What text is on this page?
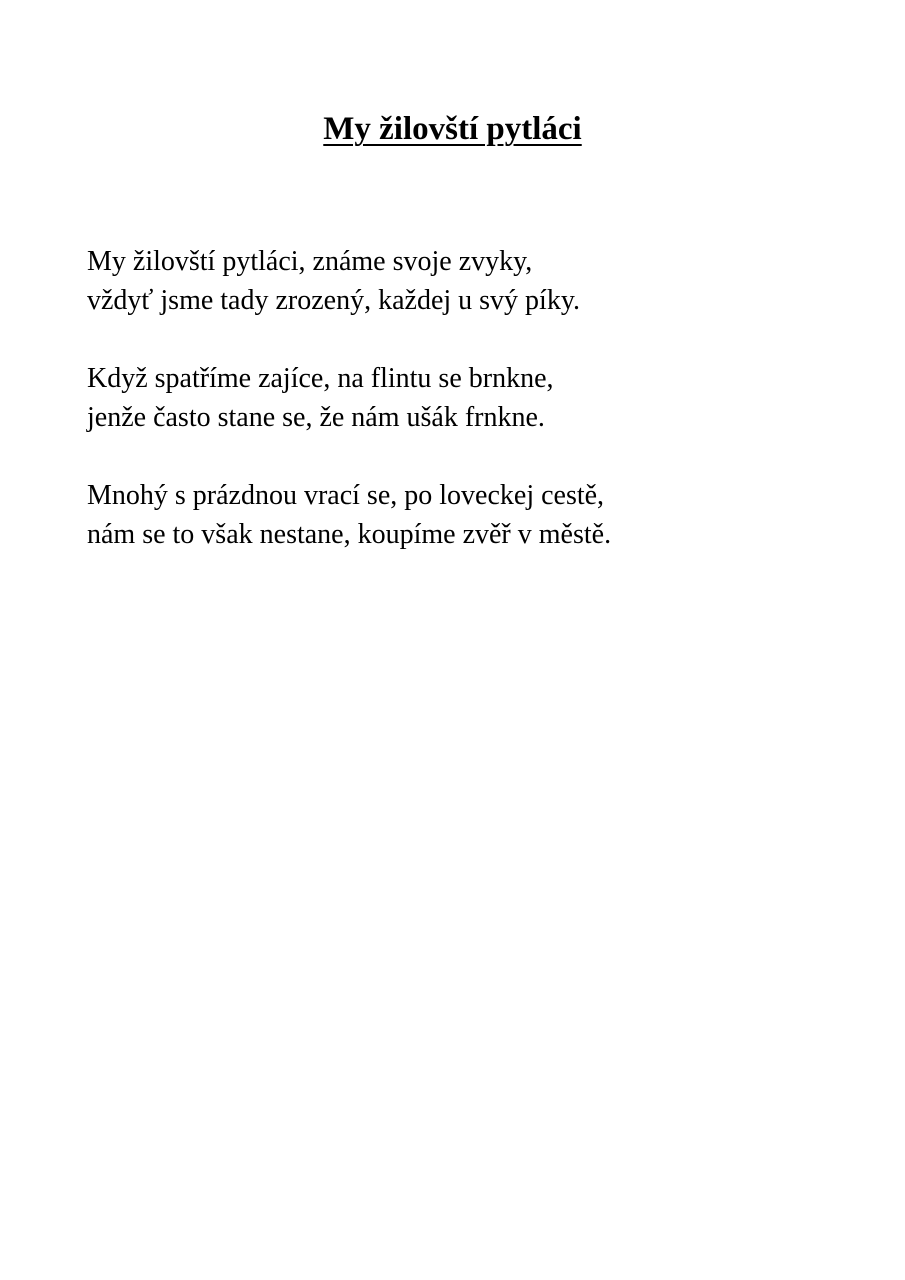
My žilovští pytláci
My žilovští pytláci, známe svoje zvyky,
vždyť jsme tady zrozený, každej u svý píky.
Když spatříme zajíce, na flintu se brnkne,
jenže často stane se, že nám ušák frnkne.
Mnohý s prázdnou vrací se, po loveckej cestě,
nám se to však nestane, koupíme zvěř v městě.
